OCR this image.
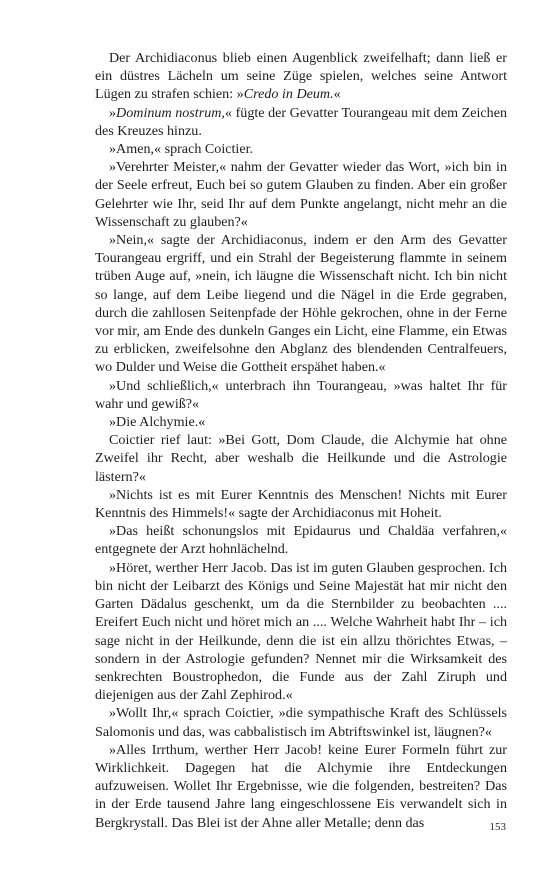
Der Archidiaconus blieb einen Augenblick zweifelhaft; dann ließ er ein düstres Lächeln um seine Züge spielen, welches seine Antwort Lügen zu strafen schien: »Credo in Deum.«

»Dominum nostrum,« fügte der Gevatter Tourangeau mit dem Zeichen des Kreuzes hinzu.

»Amen,« sprach Coictier.

»Verehrter Meister,« nahm der Gevatter wieder das Wort, »ich bin in der Seele erfreut, Euch bei so gutem Glauben zu finden. Aber ein großer Gelehrter wie Ihr, seid Ihr auf dem Punkte angelangt, nicht mehr an die Wissenschaft zu glauben?«

»Nein,« sagte der Archidiaconus, indem er den Arm des Gevatter Tourangeau ergriff, und ein Strahl der Begeisterung flammte in seinem trüben Auge auf, »nein, ich läugne die Wissenschaft nicht. Ich bin nicht so lange, auf dem Leibe liegend und die Nägel in die Erde gegraben, durch die zahllosen Seitenpfade der Höhle gekrochen, ohne in der Ferne vor mir, am Ende des dunkeln Ganges ein Licht, eine Flamme, ein Etwas zu erblicken, zweifelsohne den Abglanz des blendenden Centralfeuers, wo Dulder und Weise die Gottheit erspähet haben.«

»Und schließlich,« unterbrach ihn Tourangeau, »was haltet Ihr für wahr und gewiß?«

»Die Alchymie.«

Coictier rief laut: »Bei Gott, Dom Claude, die Alchymie hat ohne Zweifel ihr Recht, aber weshalb die Heilkunde und die Astrologie lästern?«

»Nichts ist es mit Eurer Kenntnis des Menschen! Nichts mit Eurer Kenntnis des Himmels!« sagte der Archidiaconus mit Hoheit.

»Das heißt schonungslos mit Epidaurus und Chaldäa verfahren,« entgegnete der Arzt hohnlächelnd.

»Höret, werther Herr Jacob. Das ist im guten Glauben gesprochen. Ich bin nicht der Leibarzt des Königs und Seine Majestät hat mir nicht den Garten Dädalus geschenkt, um da die Sternbilder zu beobachten .... Ereifert Euch nicht und höret mich an .... Welche Wahrheit habt Ihr – ich sage nicht in der Heilkunde, denn die ist ein allzu thörichtes Etwas, – sondern in der Astrologie gefunden? Nennet mir die Wirksamkeit des senkrechten Boustrophedon, die Funde aus der Zahl Ziruph und diejenigen aus der Zahl Zephirod.«

»Wollt Ihr,« sprach Coictier, »die sympathische Kraft des Schlüssels Salomonis und das, was cabbalistisch im Abtriftswinkel ist, läugnen?«

»Alles Irrthum, werther Herr Jacob! keine Eurer Formeln führt zur Wirklichkeit. Dagegen hat die Alchymie ihre Entdeckungen aufzuweisen. Wollet Ihr Ergebnisse, wie die folgenden, bestreiten? Das in der Erde tausend Jahre lang eingeschlossene Eis verwandelt sich in Bergkrystall. Das Blei ist der Ahne aller Metalle; denn das	153
